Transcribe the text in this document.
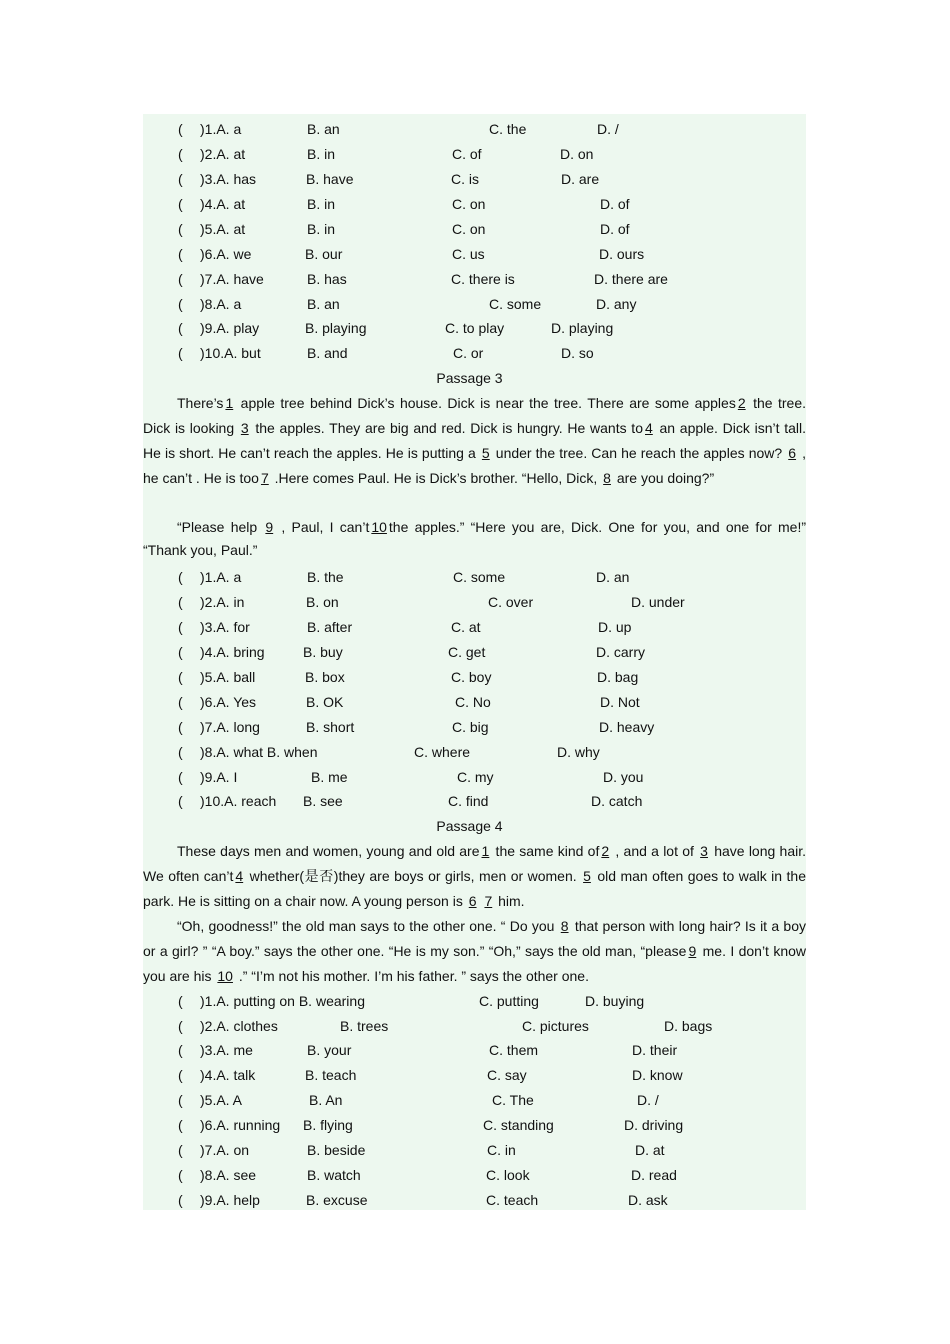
( )1.A. a	B. an	C. the	D. /
( )2.A. at	B. in	C. of	D. on
( )3.A. has	B. have	C. is	D. are
( )4.A. at	B. in	C. on	D. of
( )5.A. at	B. in	C. on	D. of
( )6.A. we	B. our	C. us	D. ours
( )7.A. have	B. has	C. there is	D. there are
( )8.A. a	B. an	C. some	D. any
( )9.A. play	B. playing	C. to play	D. playing
( )10.A. but	B. and	C. or	D. so
Passage 3
There’s 1 apple tree behind Dick’s house. Dick is near the tree. There are some apples 2 the tree. Dick is looking 3 the apples. They are big and red. Dick is hungry. He wants to 4 an apple. Dick isn’t tall. He is short. He can’t reach the apples. He is putting a 5 under the tree. Can he reach the apples now? 6 , he can’t . He is too 7 .Here comes Paul. He is Dick’s brother. “Hello, Dick, 8 are you doing?”
“Please help 9 , Paul, I can’t 10 the apples.” “Here you are, Dick. One for you, and one for me!” “Thank you, Paul.”
( )1.A. a	B. the	C. some	D. an
( )2.A. in	B. on	C. over	D. under
( )3.A. for	B. after	C. at	D. up
( )4.A. bring	B. buy	C. get	D. carry
( )5.A. ball	B. box	C. boy	D. bag
( )6.A. Yes	B. OK	C. No	D. Not
( )7.A. long	B. short	C. big	D. heavy
( )8.A. what B. when	C. where	D. why
( )9.A. I	B. me	C. my	D. you
( )10.A. reach B. see	C. find	D. catch
Passage 4
These days men and women, young and old are 1 the same kind of 2 , and a lot of 3 have long hair. We often can’t 4 whether(是否)they are boys or girls, men or women. 5 old man often goes to walk in the park. He is sitting on a chair now. A young person is 6 7 him.
“Oh, goodness!” the old man says to the other one. “ Do you 8 that person with long hair? Is it a boy or a girl? ” “A boy.” says the other one. “He is my son.” “Oh,” says the old man, “please 9 me. I don’t know you are his 10 .” “I’m not his mother. I’m his father. ” says the other one.
( )1.A. putting on B. wearing	C. putting	D. buying
( )2.A. clothes	B. trees	C. pictures	D. bags
( )3.A. me	B. your	C. them	D. their
( )4.A. talk	B. teach	C. say	D. know
( )5.A. A	B. An	C. The	D. /
( )6.A. running B. flying	C. standing	D. driving
( )7.A. on	B. beside	C. in	D. at
( )8.A. see	B. watch	C. look	D. read
( )9.A. help	B. excuse	C. teach	D. ask
